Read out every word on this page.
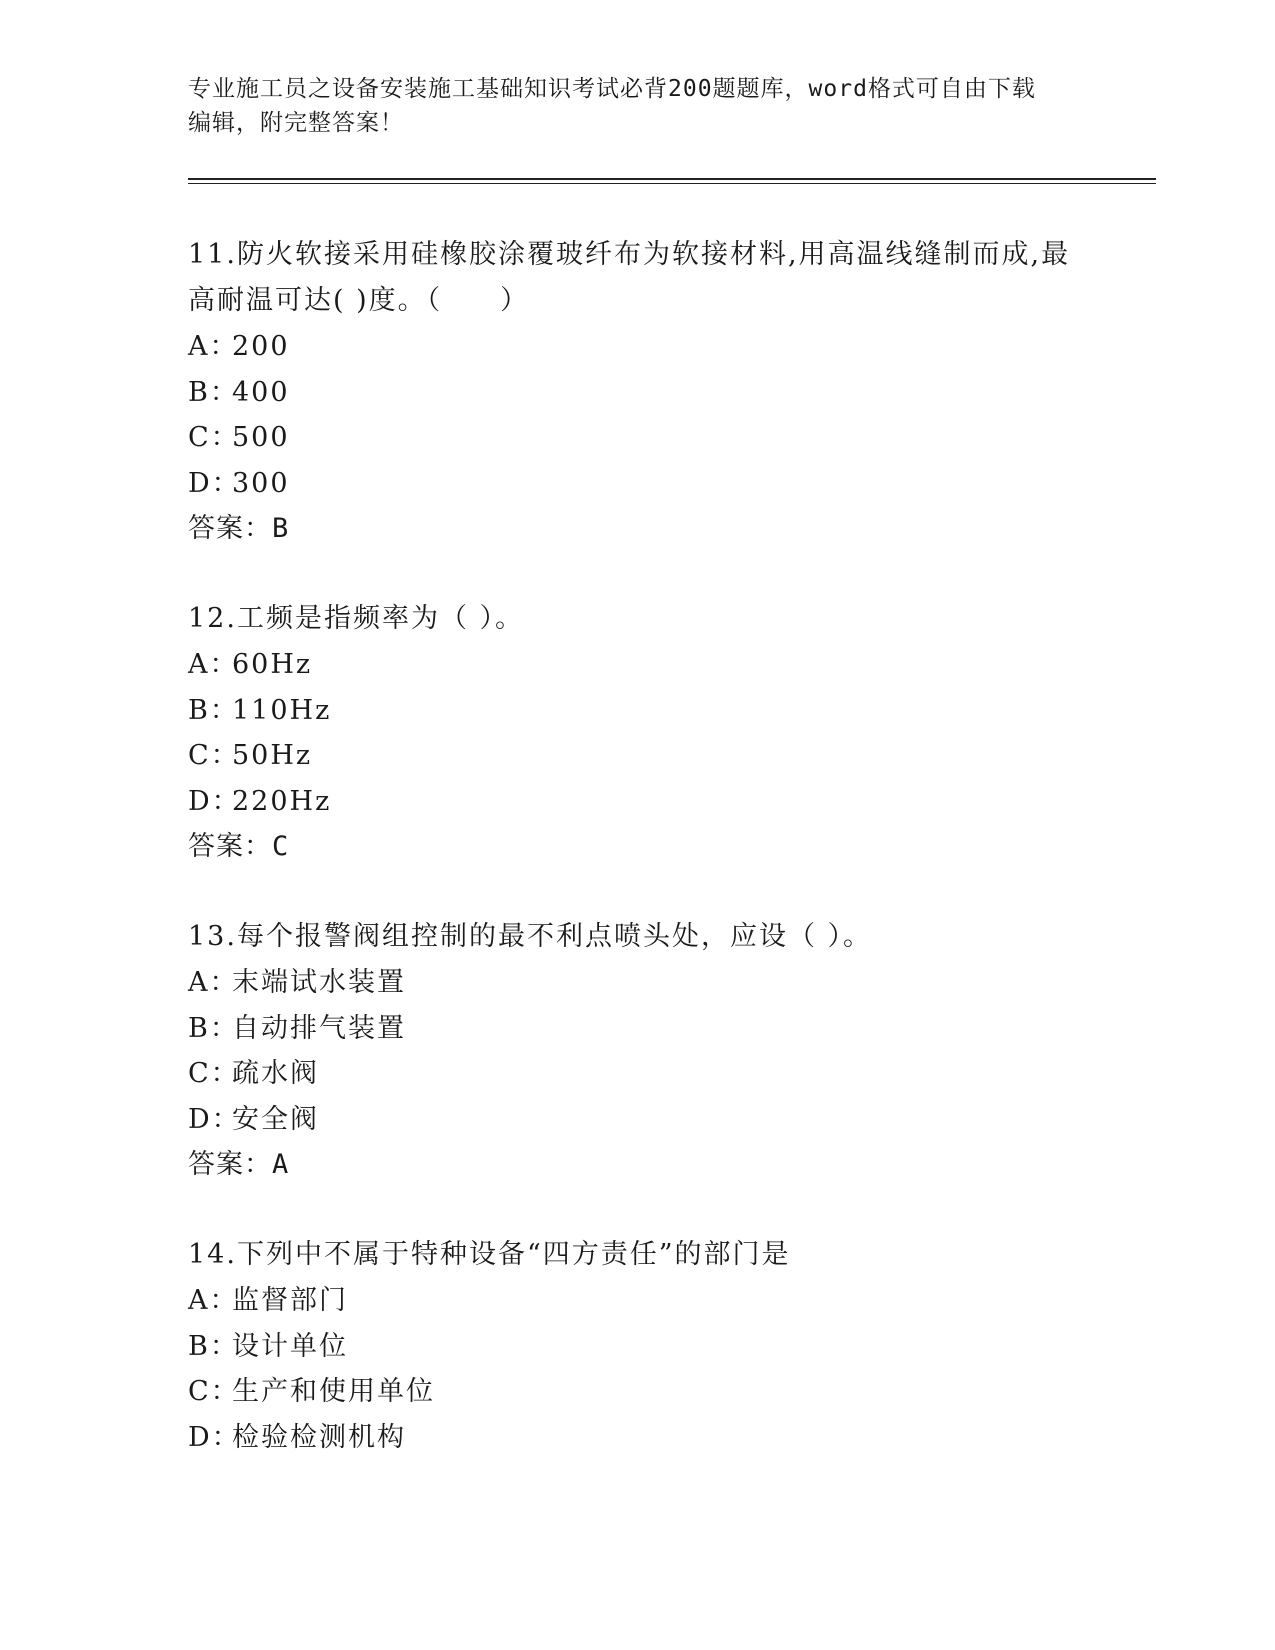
专业施工员之设备安装施工基础知识考试必背200题题库，word格式可自由下载
编辑，附完整答案！
11.防火软接采用硅橡胶涂覆玻纤布为软接材料,用高温线缝制而成,最
高耐温可达( )度。（　　）
A：200
B：400
C：500
D：300
答案：B
12.工频是指频率为（ ）。
A：60Hz
B：110Hz
C：50Hz
D：220Hz
答案：C
13.每个报警阀组控制的最不利点喷头处，应设（ ）。
A：末端试水装置
B：自动排气装置
C：疏水阀
D：安全阀
答案：A
14.下列中不属于特种设备“四方责任”的部门是
A：监督部门
B：设计单位
C：生产和使用单位
D：检验检测机构
